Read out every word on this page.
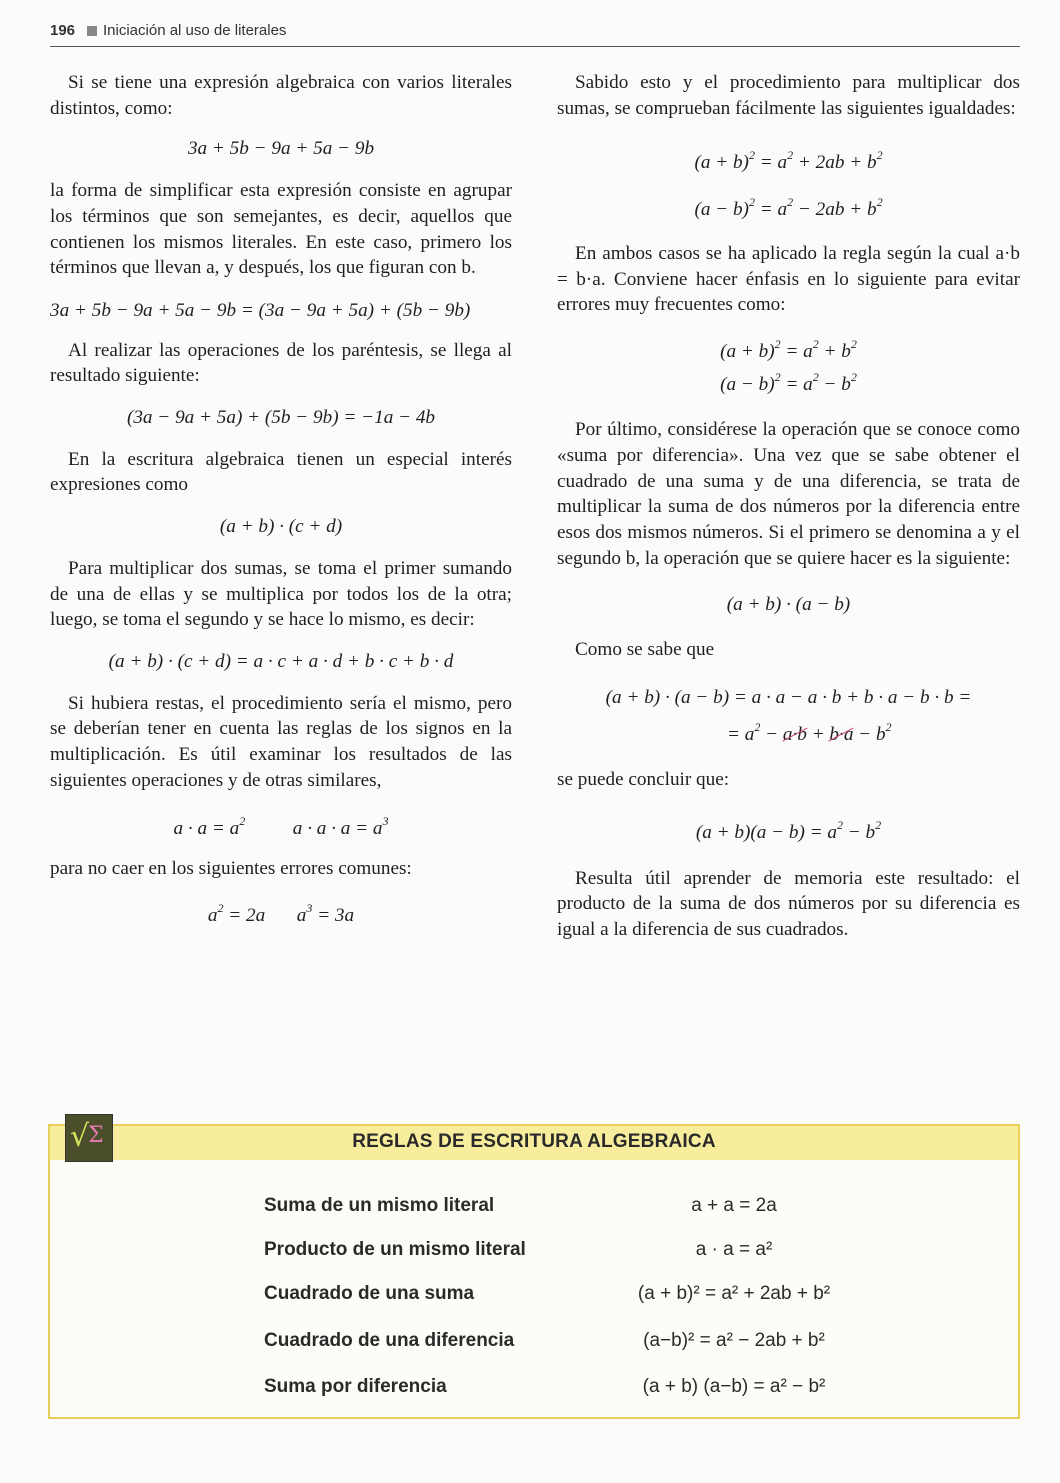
196 Iniciación al uso de literales

Si se tiene una expresión algebraica con varios literales distintos, como:

3a + 5b − 9a + 5a − 9b

la forma de simplificar esta expresión consiste en agrupar los términos que son semejantes, es decir, aquellos que contienen los mismos literales. En este caso, primero los términos que llevan a, y después, los que figuran con b.

3a + 5b − 9a + 5a − 9b = (3a − 9a + 5a) + (5b − 9b)

Al realizar las operaciones de los paréntesis, se llega al resultado siguiente:

(3a − 9a + 5a) + (5b − 9b) = −1a − 4b

En la escritura algebraica tienen un especial interés expresiones como

(a + b) · (c + d)

Para multiplicar dos sumas, se toma el primer sumando de una de ellas y se multiplica por todos los de la otra; luego, se toma el segundo y se hace lo mismo, es decir:

(a + b) · (c + d) = a · c + a · d + b · c + b · d

Si hubiera restas, el procedimiento sería el mismo, pero se deberían tener en cuenta las reglas de los signos en la multiplicación. Es útil examinar los resultados de las siguientes operaciones y de otras similares,

$a \cdot a = a^2$ $a \cdot a \cdot a = a^3$

para no caer en los siguientes errores comunes:

$a^2 = 2a$ $a^3 = 3a$

Sabido esto y el procedimiento para multiplicar dos sumas, se comprueban fácilmente las siguientes igualdades:

$(a + b)^2 = a^2 + 2ab + b^2$
$(a - b)^2 = a^2 - 2ab + b^2$

En ambos casos se ha aplicado la regla según la cual a·b = b·a. Conviene hacer énfasis en lo siguiente para evitar errores muy frecuentes como:

$(a + b)^2 = a^2 + b^2$
$(a - b)^2 = a^2 - b^2$

Por último, considérese la operación que se conoce como «suma por diferencia». Una vez que se sabe obtener el cuadrado de una suma y de una diferencia, se trata de multiplicar la suma de dos números por la diferencia entre esos dos mismos números. Si el primero se denomina a y el segundo b, la operación que se quiere hacer es la siguiente:

(a + b) · (a − b)

Como se sabe que

(a + b) · (a − b) = a · a − a · b + b · a − b · b =
= $a^2 - a\cdot b + b\cdot a - b^2$

se puede concluir que:

$(a + b)(a - b) = a^2 - b^2$

Resulta útil aprender de memoria este resultado: el producto de la suma de dos números por su diferencia es igual a la diferencia de sus cuadrados.

REGLAS DE ESCRITURA ALGEBRAICA
√
Σ
Suma de un mismo literal	a + a = 2a
Producto de un mismo literal	a · a = a²
Cuadrado de una suma	(a + b)² = a² + 2ab + b²
Cuadrado de una diferencia	(a−b)² = a² − 2ab + b²
Suma por diferencia	(a + b) (a−b) = a² − b²
